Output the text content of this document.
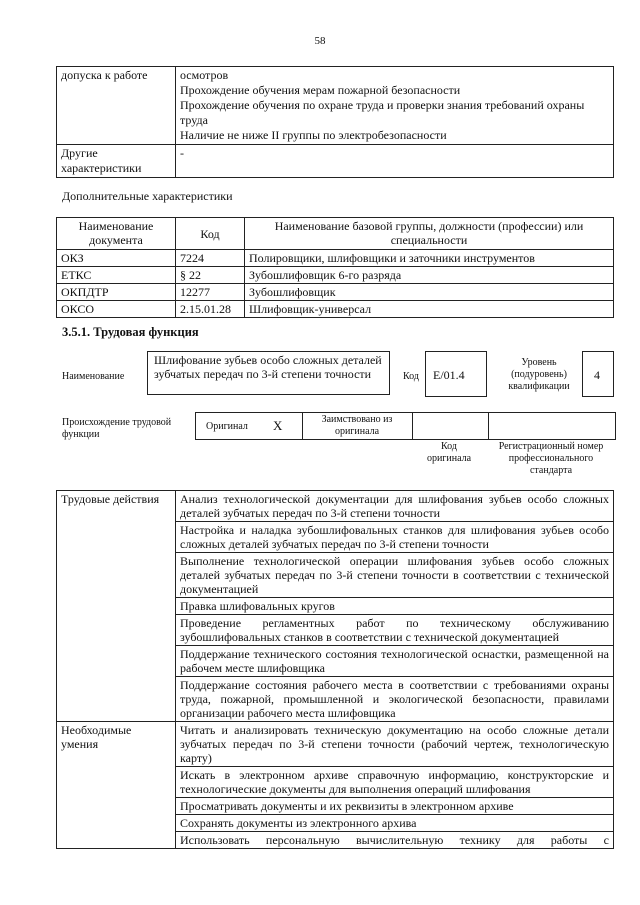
58
допуска к работе	осмотров
Прохождение обучения мерам пожарной безопасности
Прохождение обучения по охране труда и проверки знания требований охраны труда
Наличие не ниже II группы по электробезопасности

Другие характеристики	-
Дополнительные характеристики
Наименование документа	Код	Наименование базовой группы, должности (профессии) или специальности
ОКЗ	7224	Полировщики, шлифовщики и заточники инструментов
ЕТКС	§ 22	Зубошлифовщик 6-го разряда
ОКПДТР	12277	Зубошлифовщик
ОКСО	2.15.01.28	Шлифовщик-универсал
3.5.1. Трудовая функция
Наименование
Шлифование зубьев особо сложных деталей зубчатых передач по 3-й степени точности	Код E/01.4
Уровень (подуровень) квалификации
4
Происхождение трудовой функции
Оригинал X	Заимствовано из оригинала
Код оригинала
Регистрационный номер профессионального стандарта
Трудовые действия	Анализ технологической документации для шлифования зубьев особо сложных деталей зубчатых передач по 3-й степени точности
	Настройка и наладка зубошлифовальных станков для шлифования зубьев особо сложных деталей зубчатых передач по 3-й степени точности
	Выполнение технологической операции шлифования зубьев особо сложных деталей зубчатых передач по 3-й степени точности в соответствии с технической документацией
	Правка шлифовальных кругов
	Проведение регламентных работ по техническому обслуживанию зубошлифовальных станков в соответствии с технической документацией
	Поддержание технического состояния технологической оснастки, размещенной на рабочем месте шлифовщика
	Поддержание состояния рабочего места в соответствии с требованиями охраны труда, пожарной, промышленной и экологической безопасности, правилами организации рабочего места шлифовщика
Необходимые умения	Читать и анализировать техническую документацию на особо сложные детали зубчатых передач по 3-й степени точности (рабочий чертеж, технологическую карту)
	Искать в электронном архиве справочную информацию, конструкторские и технологические документы для выполнения операций шлифования
	Просматривать документы и их реквизиты в электронном архиве
	Сохранять документы из электронного архива
	Использовать персональную вычислительную технику для работы с
